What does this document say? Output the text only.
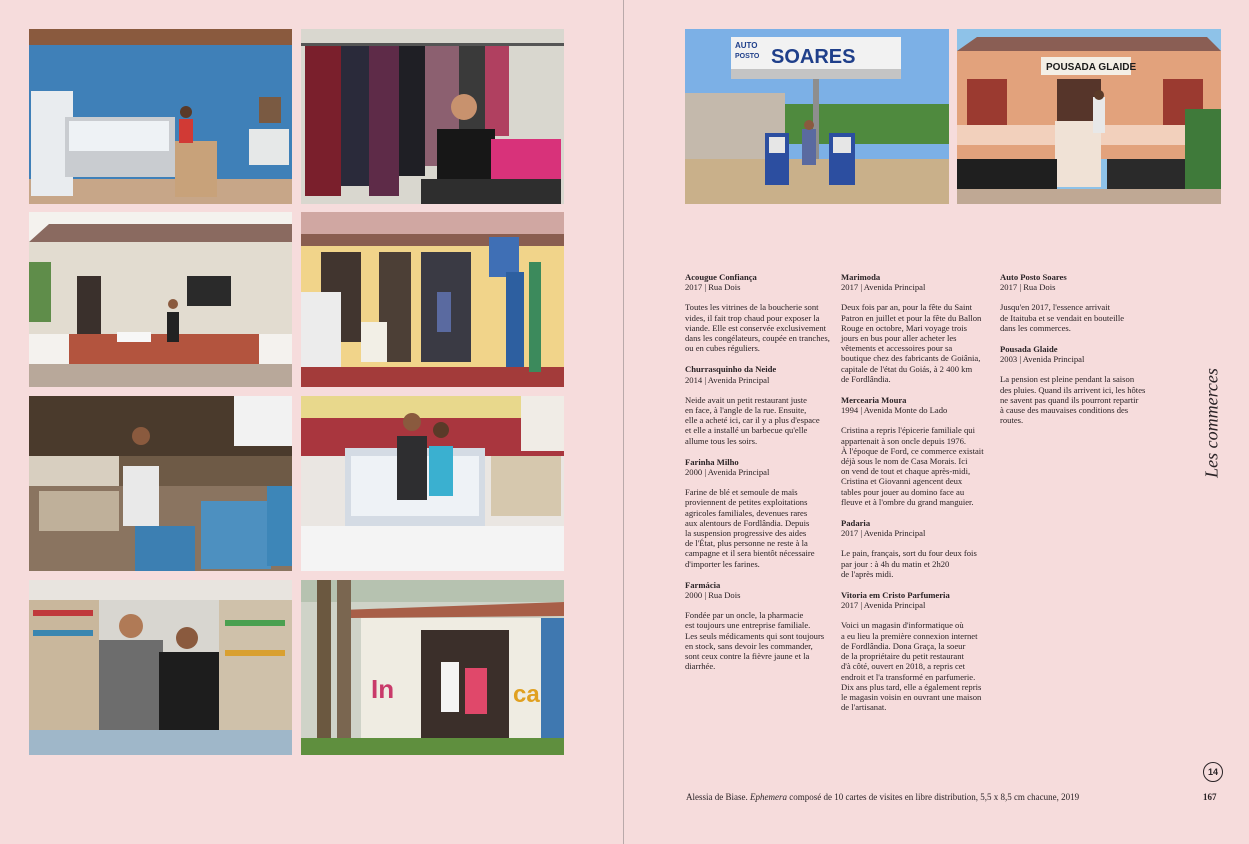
In	ca
AUTO
POSTO SOARES	POUSADA GLAIDE
Acougue Confiança
2017 | Rua Dois
Toutes les vitrines de la boucherie sont
vides, il fait trop chaud pour exposer la
viande. Elle est conservée exclusivement
dans les congélateurs, coupée en tranches,
ou en cubes réguliers.
Churrasquinho da Neide
2014 | Avenida Principal
Neide avait un petit restaurant juste
en face, à l'angle de la rue. Ensuite,
elle a acheté ici, car il y a plus d'espace
et elle a installé un barbecue qu'elle
allume tous les soirs.
Farinha Milho
2000 | Avenida Principal
Farine de blé et semoule de maïs
proviennent de petites exploitations
agricoles familiales, devenues rares
aux alentours de Fordlândia. Depuis
la suspension progressive des aides
de l'État, plus personne ne reste à la
campagne et il sera bientôt nécessaire
d'importer les farines.
Farmácia
2000 | Rua Dois
Fondée par un oncle, la pharmacie
est toujours une entreprise familiale.
Les seuls médicaments qui sont toujours
en stock, sans devoir les commander,
sont ceux contre la fièvre jaune et la
diarrhée.
Marimoda
2017 | Avenida Principal
Deux fois par an, pour la fête du Saint
Patron en juillet et pour la fête du Ballon
Rouge en octobre, Mari voyage trois
jours en bus pour aller acheter les
vêtements et accessoires pour sa
boutique chez des fabricants de Goiânia,
capitale de l'état du Goiás, à 2 400 km
de Fordlândia.
Mercearia Moura
1994 | Avenida Monte do Lado
Cristina a repris l'épicerie familiale qui
appartenait à son oncle depuis 1976.
À l'époque de Ford, ce commerce existait
déjà sous le nom de Casa Morais. Ici
on vend de tout et chaque après-midi,
Cristina et Giovanni agencent deux
tables pour jouer au domino face au
fleuve et à l'ombre du grand manguier.
Padaria
2017 | Avenida Principal
Le pain, français, sort du four deux fois
par jour : à 4h du matin et 2h20
de l'après midi.
Vitoria em Cristo Parfumeria
2017 | Avenida Principal
Voici un magasin d'informatique où
a eu lieu la première connexion internet
de Fordlândia. Dona Graça, la soeur
de la propriétaire du petit restaurant
d'à côté, ouvert en 2018, a repris cet
endroit et l'a transformé en parfumerie.
Dix ans plus tard, elle a également repris
le magasin voisin en ouvrant une maison
de l'artisanat.
Auto Posto Soares
2017 | Rua Dois
Jusqu'en 2017, l'essence arrivait
de Itaituba et se vendait en bouteille
dans les commerces.
Pousada Glaide
2003 | Avenida Principal
La pension est pleine pendant la saison
des pluies. Quand ils arrivent ici, les hôtes
ne savent pas quand ils pourront repartir
à cause des mauvaises conditions des
routes.	Les commerces
14
Alessia de Biase. Ephemera composé de 10 cartes de visites en libre distribution, 5,5 x 8,5 cm chacune, 2019	167
